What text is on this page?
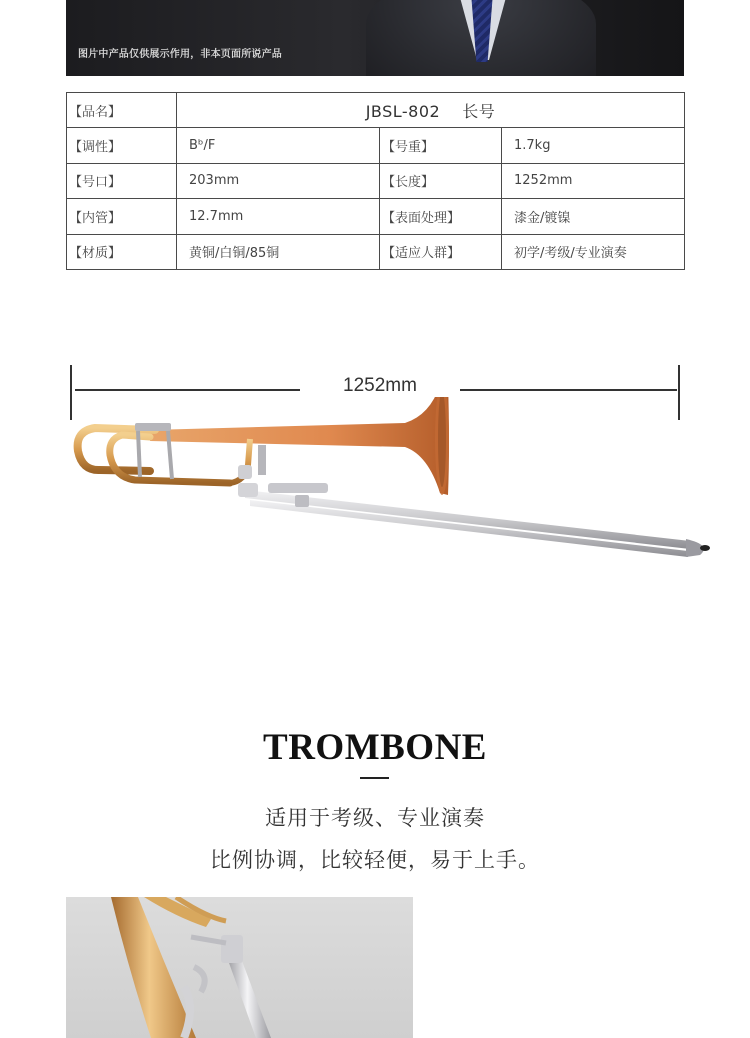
图片中产品仅供展示作用，非本页面所说产品
【品名】	JBSL-802　 长号		
【调性】	Bᵇ/F	【号重】	1.7kg
【号口】	203mm	【长度】	1252mm
【内管】	12.7mm	【表面处理】	漆金/镀镍
【材质】	黄铜/白铜/85铜	【适应人群】	初学/考级/专业演奏
1252mm
TROMBONE
适用于考级、专业演奏
比例协调，比较轻便，易于上手。
